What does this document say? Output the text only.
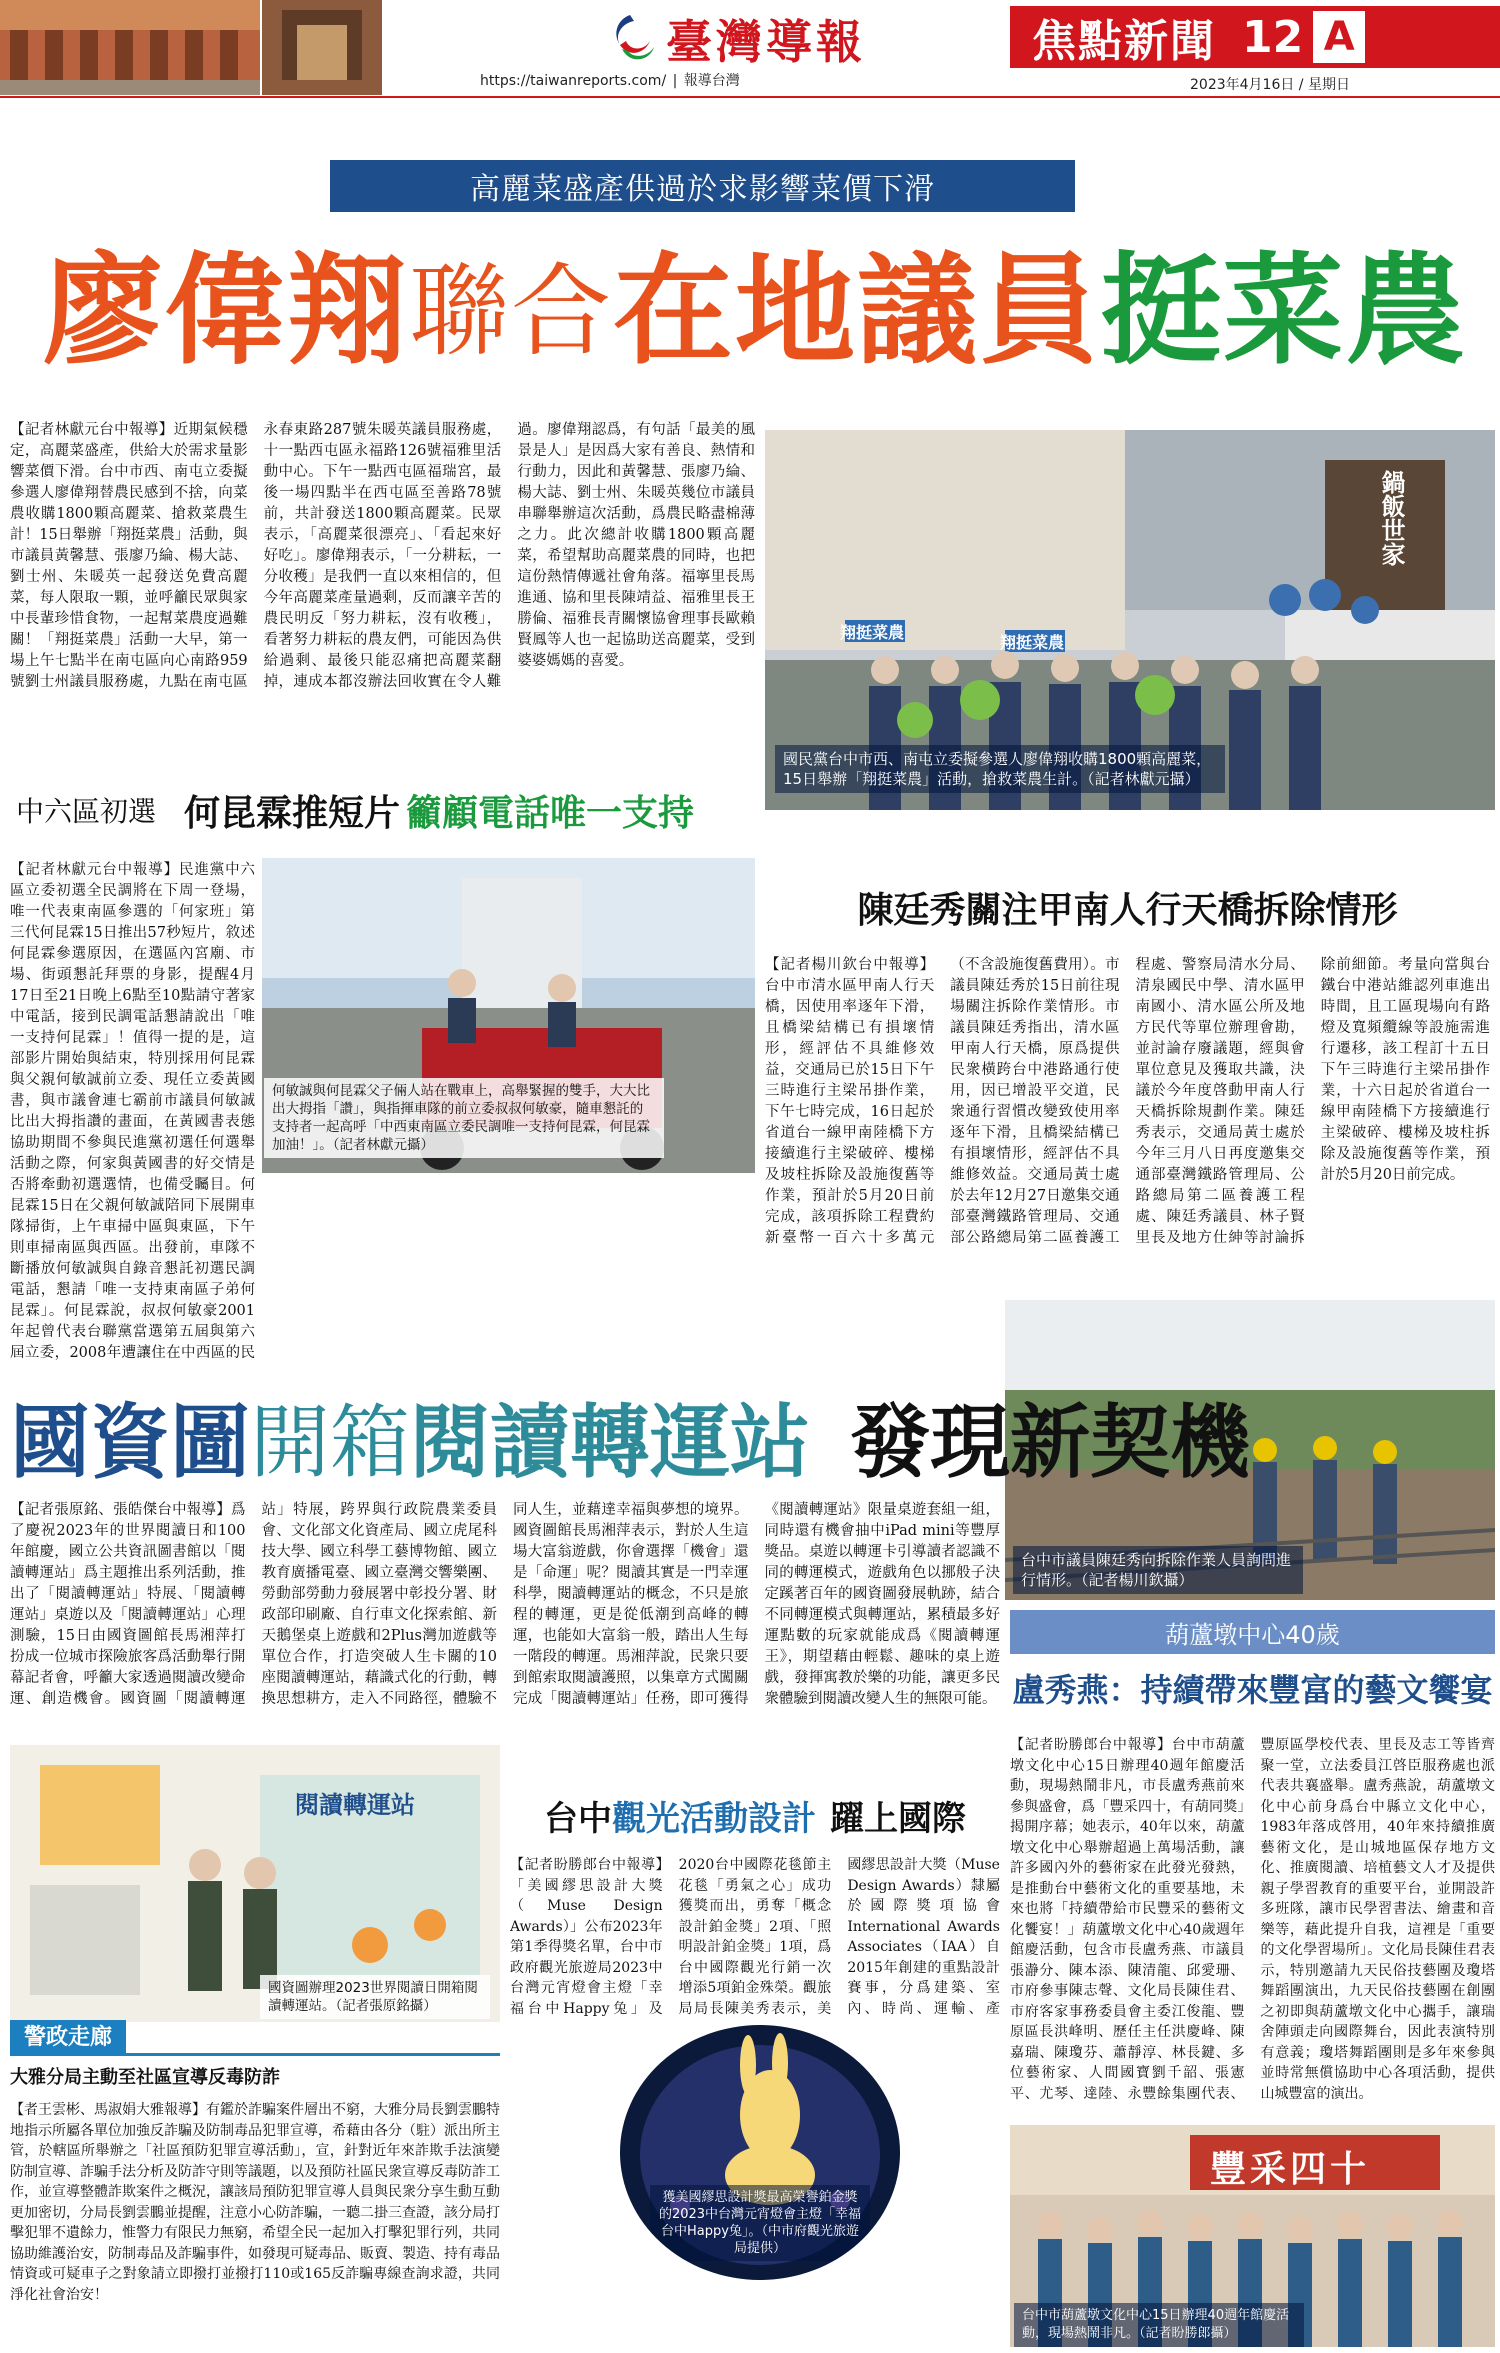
臺灣導報
https://taiwanreports.com/ | 報導台灣
焦點新聞 12 A
2023年4月16日 / 星期日
高麗菜盛產供過於求影響菜價下滑
廖偉翔 聯合 在地議員 挺菜農
【記者林獻元台中報導】近期氣候穩定，高麗菜盛產，供給大於需求量影響菜價下滑。台中市西、南屯立委擬參選人廖偉翔替農民感到不捨，向菜農收購1800顆高麗菜、搶救菜農生計！15日舉辦「翔挺菜農」活動，與市議員黃馨慧、張廖乃綸、楊大誌、劉士州、朱暖英一起發送免費高麗菜，每人限取一顆，並呼籲民眾與家中長輩珍惜食物，一起幫菜農度過難關！「翔挺菜農」活動一大早，第一場上午七點半在南屯區向心南路959號劉士州議員服務處，九點在南屯區永春東路287號朱暖英議員服務處，十一點西屯區永福路126號福雅里活動中心。下午一點西屯區福瑞宮，最後一場四點半在西屯區至善路78號前，共計發送1800顆高麗菜。民眾表示，「高麗菜很漂亮」、「看起來好好吃」。廖偉翔表示，「一分耕耘，一分收穫」是我們一直以來相信的，但今年高麗菜產量過剩，反而讓辛苦的農民明反「努力耕耘，沒有收穫」，看著努力耕耘的農友們，可能因為供給過剩、最後只能忍痛把高麗菜翻掉，連成本都沒辦法回收實在令人難過。廖偉翔認爲，有句話「最美的風景是人」是因爲大家有善良、熱情和行動力，因此和黃馨慧、張廖乃綸、楊大誌、劉士州、朱暖英幾位市議員串聯舉辦這次活動，爲農民略盡棉薄之力。此次總計收購1800顆高麗菜，希望幫助高麗菜農的同時，也把這份熱情傳遞社會角落。福寧里長馬進通、協和里長陳靖益、福雅里長王勝倫、福雅長青關懷協會理事長歐賴賢鳳等人也一起協助送高麗菜，受到婆婆媽媽的喜愛。
鍋飯世家
翔挺菜農
翔挺菜農
國民黨台中市西、南屯立委擬參選人廖偉翔收購1800顆高麗菜，15日舉辦「翔挺菜農」活動，搶救菜農生計。（記者林獻元攝）
中六區初選 何昆霖推短片 籲顧電話唯一支持
【記者林獻元台中報導】民進黨中六區立委初選全民調將在下周一登場，唯一代表東南區參選的「何家班」第三代何昆霖15日推出57秒短片，敘述何昆霖參選原因，在選區內宮廟、市場、街頭懇託拜票的身影，提醒4月17日至21日晚上6點至10點請守著家中電話，接到民調電話懇請說出「唯一支持何昆霖」！值得一提的是，這部影片開始與結束，特別採用何昆霖與父親何敏誠前立委、現任立委黃國書，與市議會連七霸前市議員何敏誠比出大拇指讚的畫面，在黃國書表態協助期間不參與民進黨初選任何選舉活動之際，何家與黃國書的好交情是否將牽動初選選情，也備受矚目。何昆霖15日在父親何敏誠陪同下展開車隊掃街，上午車掃中區與東區，下午則車掃南區與西區。出發前，車隊不斷播放何敏誠與自錄音懇託初選民調電話，懇請「唯一支持東南區子弟何昆霖」。何昆霖說，叔叔何敏豪2001年起曾代表台聯黨當選第五屆與第六屆立委，2008年遭讓住在中西區的民
何敏誠與何昆霖父子倆人站在戰車上，高舉緊握的雙手，大大比出大拇指「讚」，與指揮車隊的前立委叔叔何敏豪，隨車懇託的支持者一起高呼「中西東南區立委民調唯一支持何昆霖，何昆霖加油！」。（記者林獻元攝）
陳廷秀關注甲南人行天橋拆除情形
【記者楊川欽台中報導】台中市清水區甲南人行天橋，因使用率逐年下滑，且橋梁結構已有損壞情形，經評估不具維修效益，交通局已於15日下午三時進行主梁吊掛作業，下午七時完成，16日起於省道台一線甲南陸橋下方接續進行主梁破碎、樓梯及坡柱拆除及設施復舊等作業，預計於5月20日前完成，該項拆除工程費約新臺幣一百六十多萬元（不含設施復舊費用）。市議員陳廷秀於15日前往現場關注拆除作業情形。市議員陳廷秀指出，清水區甲南人行天橋，原爲提供民衆橫跨台中港路通行使用，因已增設平交道，民衆通行習慣改變致使用率逐年下滑，且橋梁結構已有損壞情形，經評估不具維修效益。交通局黃士處於去年12月27日邀集交通部臺灣鐵路管理局、交通部公路總局第二區養護工程處、警察局清水分局、清泉國民中學、清水區甲南國小、清水區公所及地方民代等單位辦理會勘，並討論存廢議題，經與會單位意見及獲取共識，決議於今年度啓動甲南人行天橋拆除規劃作業。陳廷秀表示，交通局黃士處於今年三月八日再度邀集交通部臺灣鐵路管理局、公路總局第二區養護工程處、陳廷秀議員、林子賢里長及地方仕紳等討論拆除前細節。考量向當與台鐵台中港站維認列車進出時間，且工區現場向有路燈及寬頻纜線等設施需進行遷移，該工程訂十五日下午三時進行主梁吊掛作業，十六日起於省道台一線甲南陸橋下方接續進行主梁破碎、樓梯及坡柱拆除及設施復舊等作業，預計於5月20日前完成。
台中市議員陳廷秀向拆除作業人員詢問進行情形。（記者楊川欽攝）
國資圖 開箱 閱讀轉運站 發現新契機
【記者張原銘、張皓傑台中報導】爲了慶祝2023年的世界閱讀日和100年館慶，國立公共資訊圖書館以「閱讀轉運站」爲主題推出系列活動，推出了「閱讀轉運站」特展、「閱讀轉運站」桌遊以及「閱讀轉運站」心理測驗，15日由國資圖館長馬湘萍打扮成一位城市探險旅客爲活動舉行開幕記者會，呼籲大家透過閱讀改變命運、創造機會。國資圖「閱讀轉運站」特展，跨界與行政院農業委員會、文化部文化資產局、國立虎尾科技大學、國立科學工藝博物館、國立教育廣播電臺、國立臺灣交響樂團、勞動部勞動力發展署中彰投分署、財政部印刷廠、自行車文化探索館、新天鵝堡桌上遊戲和2Plus灣加遊戲等單位合作，打造突破人生卡關的10座閱讀轉運站，藉識式化的行動，轉換思想耕方，走入不同路徑，體驗不同人生，並藉達幸福與夢想的境界。國資圖館長馬湘萍表示，對於人生這場大富翁遊戲，你會選擇「機會」還是「命運」呢？閱讀其實是一門幸運科學，閱讀轉運站的概念，不只是旅程的轉運，更是從低潮到高峰的轉運，也能如大富翁一般，踏出人生每一階段的轉運。馬湘萍說，民衆只要到館索取閱讀護照，以集章方式闖關完成「閱讀轉運站」任務，即可獲得《閱讀轉運站》限量桌遊套組一組，同時還有機會抽中iPad mini等豐厚獎品。桌遊以轉運卡引導讀者認識不同的轉運模式，遊戲角色以挪般子決定蹊著百年的國資圖發展軌跡，結合不同轉運模式與轉運站，累積最多好運點數的玩家就能成爲《閱讀轉運王》，期望藉由輕鬆、趣味的桌上遊戲，發揮寓教於樂的功能，讓更多民衆體驗到閱讀改變人生的無限可能。
閱讀轉運站
國資圖辦理2023世界閱讀日開箱閱讀轉運站。（記者張原銘攝）
警政走廊
大雅分局主動至社區宣導反毒防詐
【者王雲彬、馬淑娟大雅報導】有鑑於詐騙案件層出不窮，大雅分局長劉雲鵬特地指示所屬各單位加強反詐騙及防制毒品犯罪宣導，希藉由各分（駐）派出所主管，於轄區所舉辦之「社區預防犯罪宣導活動」，宣，針對近年來詐欺手法演變防制宣導、詐騙手法分析及防詐守則等議題，以及預防社區民衆宣導反毒防詐工作，並宣導整體詐欺案件之概況，讓該局預防犯罪宣導人員與民衆分享生動互動更加密切，分局長劉雲鵬並提醒，注意小心防詐騙，一聽二掛三查證，該分局打擊犯罪不遺餘力，惟警力有限民力無窮，希望全民一起加入打擊犯罪行列，共同協助維護治安，防制毒品及詐騙事件，如發現可疑毒品、販賣、製造、持有毒品情資或可疑車子之對象請立即撥打並撥打110或165反詐騙專線查詢求證，共同淨化社會治安！
台中 觀光活動設計 躍上國際
【記者盼勝郎台中報導】「美國繆思設計大獎（Muse Design Awards）」公布2023年第1季得獎名單，台中市政府觀光旅遊局2023中台灣元宵燈會主燈「幸福台中Happy兔」及2020台中國際花毯節主花毯「勇氣之心」成功獲獎而出，勇奪「概念設計鉑金獎」2項、「照明設計鉑金獎」1項，爲台中國際觀光行銷一次增添5項鉑金殊榮。觀旅局局長陳美秀表示，美國繆思設計大獎（Muse Design Awards）隸屬於國際獎項協會International Awards Associates（IAA）自2015年創建的重點設計賽事，分爲建築、室內、時尚、運輸、產
獲美國繆思設計獎最高榮譽鉑金獎的2023中台灣元宵燈會主燈「幸福台中Happy兔」。（中市府觀光旅遊局提供）
葫蘆墩中心40歲
盧秀燕：持續帶來豐富的藝文饗宴
【記者盼勝郎台中報導】台中市葫蘆墩文化中心15日辦理40週年館慶活動，現場熱鬧非凡，市長盧秀燕前來參與盛會，爲「豐采四十，有葫同獎」揭開序幕；她表示，40年以來，葫蘆墩文化中心舉辦超過上萬場活動，讓許多國內外的藝術家在此發光發熱，是推動台中藝術文化的重要基地，未來也將「持續帶給市民豐采的藝術文化饗宴！」葫蘆墩文化中心40歲週年館慶活動，包含市長盧秀燕、市議員張瀞分、陳本添、陳清龍、邱愛珊、市府參事陳志聲、文化局長陳佳君、市府客家事務委員會主委江俊龍、豐原區長洪峰明、歷任主任洪慶峰、陳嘉瑞、陳瓊芬、蕭靜淳、林長鍵、多位藝術家、人間國寶劉千韶、張憲平、尤琴、達陸、永豐餘集團代表、豐原區學校代表、里長及志工等皆齊聚一堂，立法委員江啓臣服務處也派代表共襄盛舉。盧秀燕說，葫蘆墩文化中心前身爲台中縣立文化中心，1983年落成啓用，40年來持續推廣藝術文化，是山城地區保存地方文化、推廣閱讀、培植藝文人才及提供親子學習教育的重要平台，並開設許多班隊，讓市民學習書法、繪畫和音樂等，藉此提升自我，這裡是「重要的文化學習場所」。文化局長陳佳君表示，特別邀請九天民俗技藝團及瓊塔舞蹈團演出，九天民俗技藝團在創團之初即與葫蘆墩文化中心攜手，讓瑞舍陣頭走向國際舞台，因此表演特別有意義；瓊塔舞蹈團則是多年來參與並時常無償協助中心各項活動，提供山城豐富的演出。
豐采四十
台中市葫蘆墩文化中心15日辦理40週年館慶活動，現場熱鬧非凡。（記者盼勝郎攝）
